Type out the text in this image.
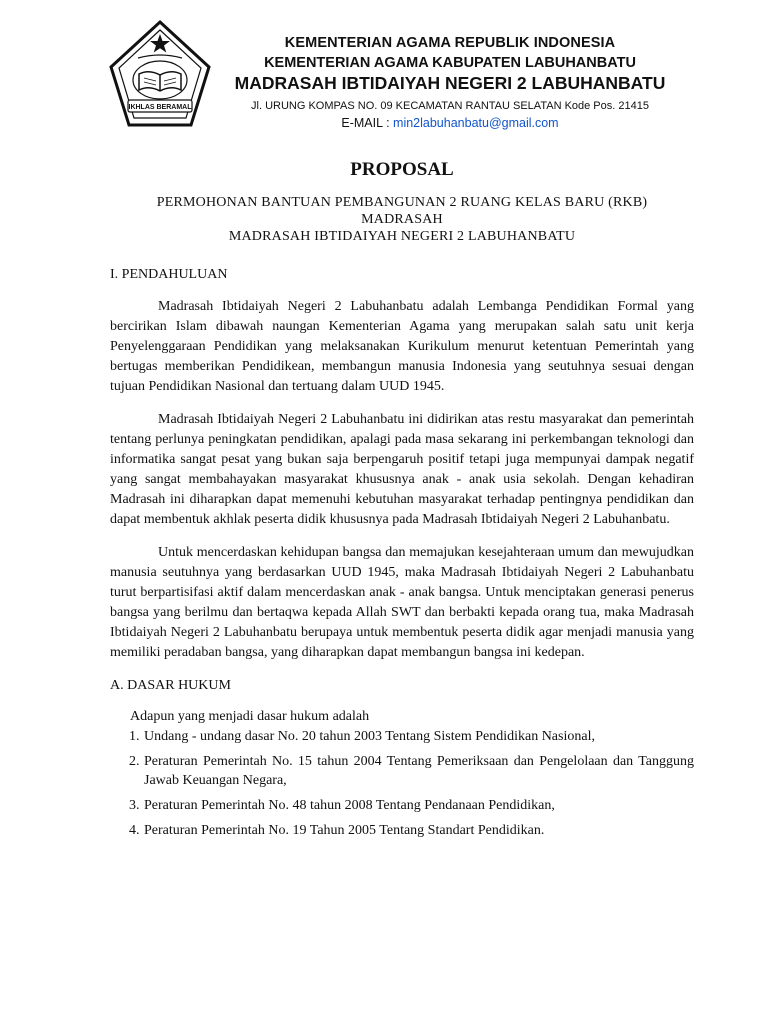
IKHLAS BERAMAL
KEMENTERIAN AGAMA REPUBLIK INDONESIA
KEMENTERIAN AGAMA KABUPATEN LABUHANBATU
MADRASAH IBTIDAIYAH NEGERI 2 LABUHANBATU
Jl. URUNG KOMPAS NO. 09 KECAMATAN RANTAU SELATAN Kode Pos. 21415
E-MAIL : min2labuhanbatu@gmail.com
PROPOSAL
PERMOHONAN BANTUAN PEMBANGUNAN 2 RUANG KELAS BARU (RKB)
MADRASAH
MADRASAH IBTIDAIYAH NEGERI 2 LABUHANBATU
I. PENDAHULUAN

Madrasah Ibtidaiyah Negeri 2 Labuhanbatu adalah Lembanga Pendidikan Formal yang bercirikan Islam dibawah naungan Kementerian Agama yang merupakan salah satu unit kerja Penyelenggaraan Pendidikan yang melaksanakan Kurikulum menurut ketentuan Pemerintah yang bertugas memberikan Pendidikean, membangun manusia Indonesia yang seutuhnya sesuai dengan tujuan Pendidikan Nasional dan tertuang dalam UUD 1945.

Madrasah Ibtidaiyah Negeri 2 Labuhanbatu ini didirikan atas restu masyarakat dan pemerintah tentang perlunya peningkatan pendidikan, apalagi pada masa sekarang ini perkembangan teknologi dan informatika sangat pesat yang bukan saja berpengaruh positif tetapi juga mempunyai dampak negatif yang sangat membahayakan masyarakat khususnya anak - anak usia sekolah. Dengan kehadiran Madrasah ini diharapkan dapat memenuhi kebutuhan masyarakat terhadap pentingnya pendidikan dan dapat membentuk akhlak peserta didik khususnya pada Madrasah Ibtidaiyah Negeri 2 Labuhanbatu.

Untuk mencerdaskan kehidupan bangsa dan memajukan kesejahteraan umum dan mewujudkan manusia seutuhnya yang berdasarkan UUD 1945, maka Madrasah Ibtidaiyah Negeri 2 Labuhanbatu turut berpartisifasi aktif dalam mencerdaskan anak - anak bangsa. Untuk menciptakan generasi penerus bangsa yang berilmu dan bertaqwa kepada Allah SWT dan berbakti kepada orang tua, maka Madrasah Ibtidaiyah Negeri 2 Labuhanbatu berupaya untuk membentuk peserta didik agar menjadi manusia yang memiliki peradaban bangsa, yang diharapkan dapat membangun bangsa ini kedepan.

A. DASAR HUKUM
Adapun yang menjadi dasar hukum adalah
1. Undang - undang dasar No. 20 tahun 2003 Tentang Sistem Pendidikan Nasional,
2. Peraturan Pemerintah No. 15 tahun 2004 Tentang Pemeriksaan dan Pengelolaan dan Tanggung Jawab Keuangan Negara,
3. Peraturan Pemerintah No. 48 tahun 2008 Tentang Pendanaan Pendidikan,
4. Peraturan Pemerintah No. 19 Tahun 2005 Tentang Standart Pendidikan.
